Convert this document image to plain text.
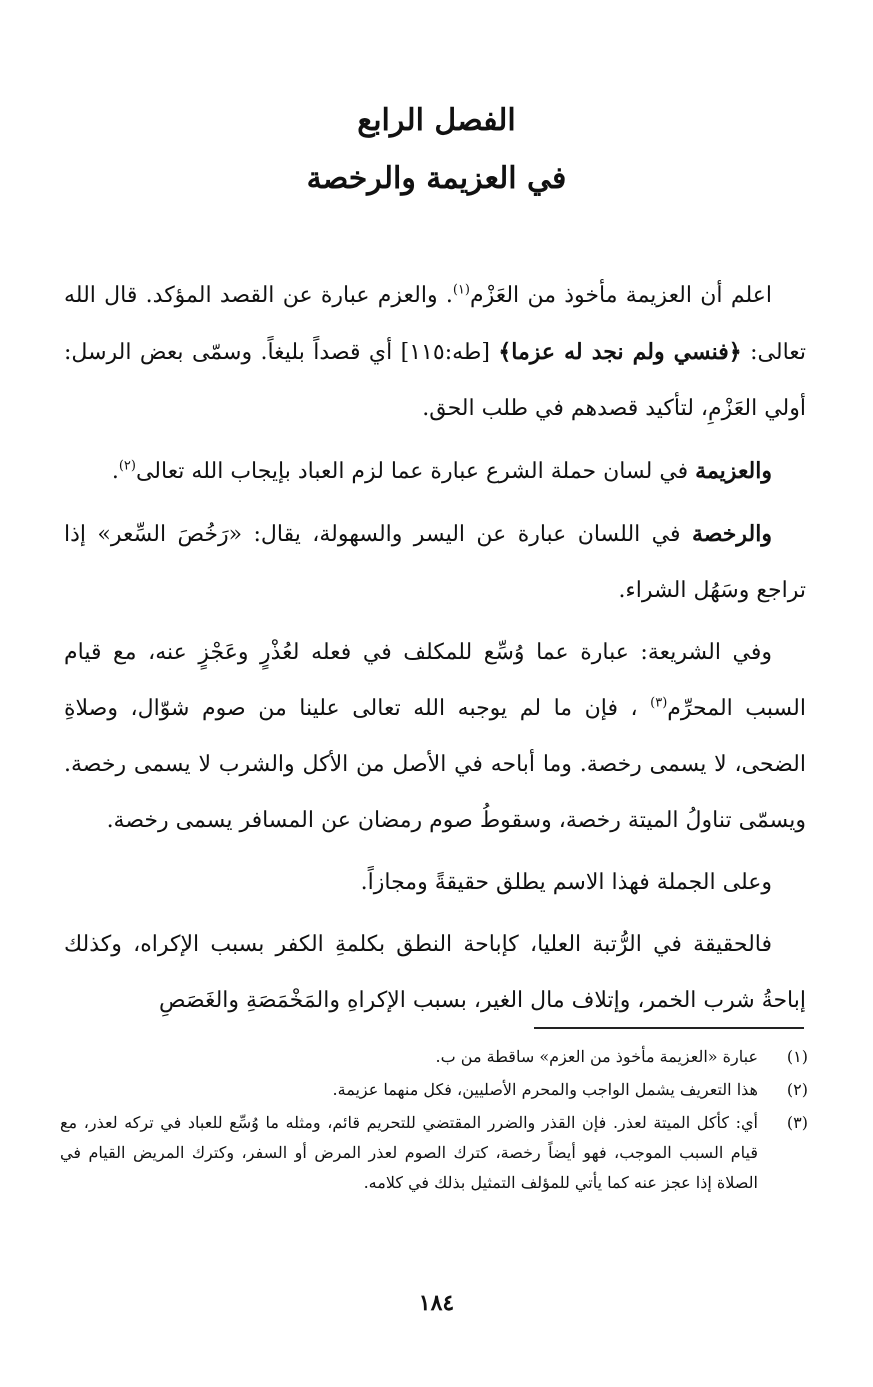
الفصل الرابع
في العزيمة والرخصة

اعلم أن العزيمة مأخوذ من العَزْم$^{(١)}$. والعزم عبارة عن القصد المؤكد. قال الله تعالى: ﴿فنسي ولم نجد له عزما﴾ [طه:١١٥] أي قصداً بليغاً. وسمّى بعض الرسل: أولي العَزْمِ، لتأكيد قصدهم في طلب الحق.

والعزيمة في لسان حملة الشرع عبارة عما لزم العباد بإيجاب الله تعالى$^{(٢)}$.

والرخصة في اللسان عبارة عن اليسر والسهولة، يقال: «رَخُصَ السِّعر» إذا تراجع وسَهُل الشراء.

وفي الشريعة: عبارة عما وُسِّع للمكلف في فعله لعُذْرٍ وعَجْزٍ عنه، مع قيام السبب المحرِّم$^{(٣)}$ ، فإن ما لم يوجبه الله تعالى علينا من صوم شوّال، وصلاةِ الضحى، لا يسمى رخصة. وما أباحه في الأصل من الأكل والشرب لا يسمى رخصة. ويسمّى تناولُ الميتة رخصة، وسقوطُ صوم رمضان عن المسافر يسمى رخصة.

وعلى الجملة فهذا الاسم يطلق حقيقةً ومجازاً.

فالحقيقة في الرُّتبة العليا، كإباحة النطق بكلمةِ الكفر بسبب الإكراه، وكذلك إباحةُ شرب الخمر، وإتلاف مال الغير، بسبب الإكراهِ والمَخْمَصَةِ والغَصَصِ

(١)
عبارة «العزيمة مأخوذ من العزم» ساقطة من ب.
(٢)
هذا التعريف يشمل الواجب والمحرم الأصليين، فكل منهما عزيمة.
(٣)
أي: كأكل الميتة لعذر. فإن القذر والضرر المقتضي للتحريم قائم، ومثله ما وُسِّع للعباد في تركه لعذر، مع قيام السبب الموجب، فهو أيضاً رخصة، كترك الصوم لعذر المرض أو السفر، وكترك المريض القيام في الصلاة إذا عجز عنه كما يأتي للمؤلف التمثيل بذلك في كلامه.
١٨٤
